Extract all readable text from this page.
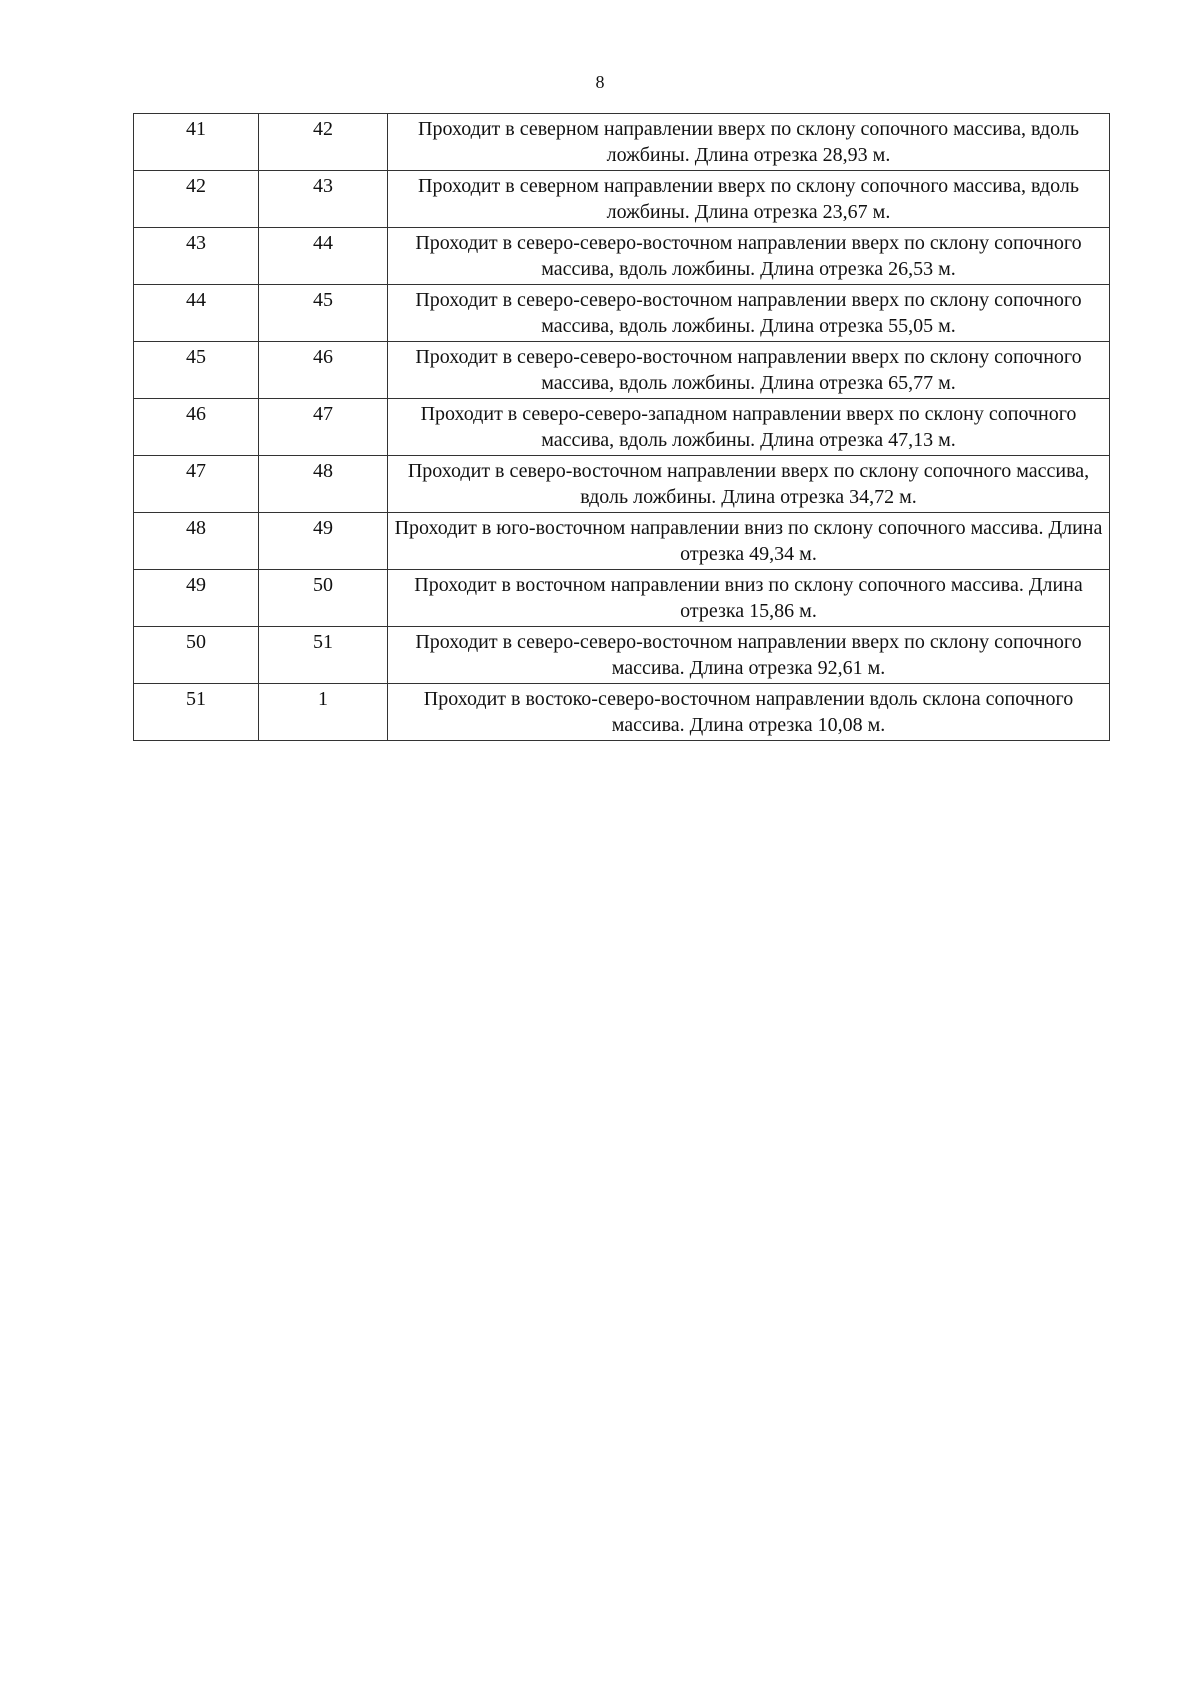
8
41	42	Проходит в северном направлении вверх по склону сопочного массива, вдоль ложбины. Длина отрезка 28,93 м.
42	43	Проходит в северном направлении вверх по склону сопочного массива, вдоль ложбины. Длина отрезка 23,67 м.
43	44	Проходит в северо-северо-восточном направлении вверх по склону сопочного массива, вдоль ложбины. Длина отрезка 26,53 м.
44	45	Проходит в северо-северо-восточном направлении вверх по склону сопочного массива, вдоль ложбины. Длина отрезка 55,05 м.
45	46	Проходит в северо-северо-восточном направлении вверх по склону сопочного массива, вдоль ложбины. Длина отрезка 65,77 м.
46	47	Проходит в северо-северо-западном направлении вверх по склону сопочного массива, вдоль ложбины. Длина отрезка 47,13 м.
47	48	Проходит в северо-восточном направлении вверх по склону сопочного массива, вдоль ложбины. Длина отрезка 34,72 м.
48	49	Проходит в юго-восточном направлении вниз по склону сопочного массива. Длина отрезка 49,34 м.
49	50	Проходит в восточном направлении вниз по склону сопочного массива. Длина отрезка 15,86 м.
50	51	Проходит в северо-северо-восточном направлении вверх по склону сопочного массива. Длина отрезка 92,61 м.
51	1	Проходит в востоко-северо-восточном направлении вдоль склона сопочного массива. Длина отрезка 10,08 м.
